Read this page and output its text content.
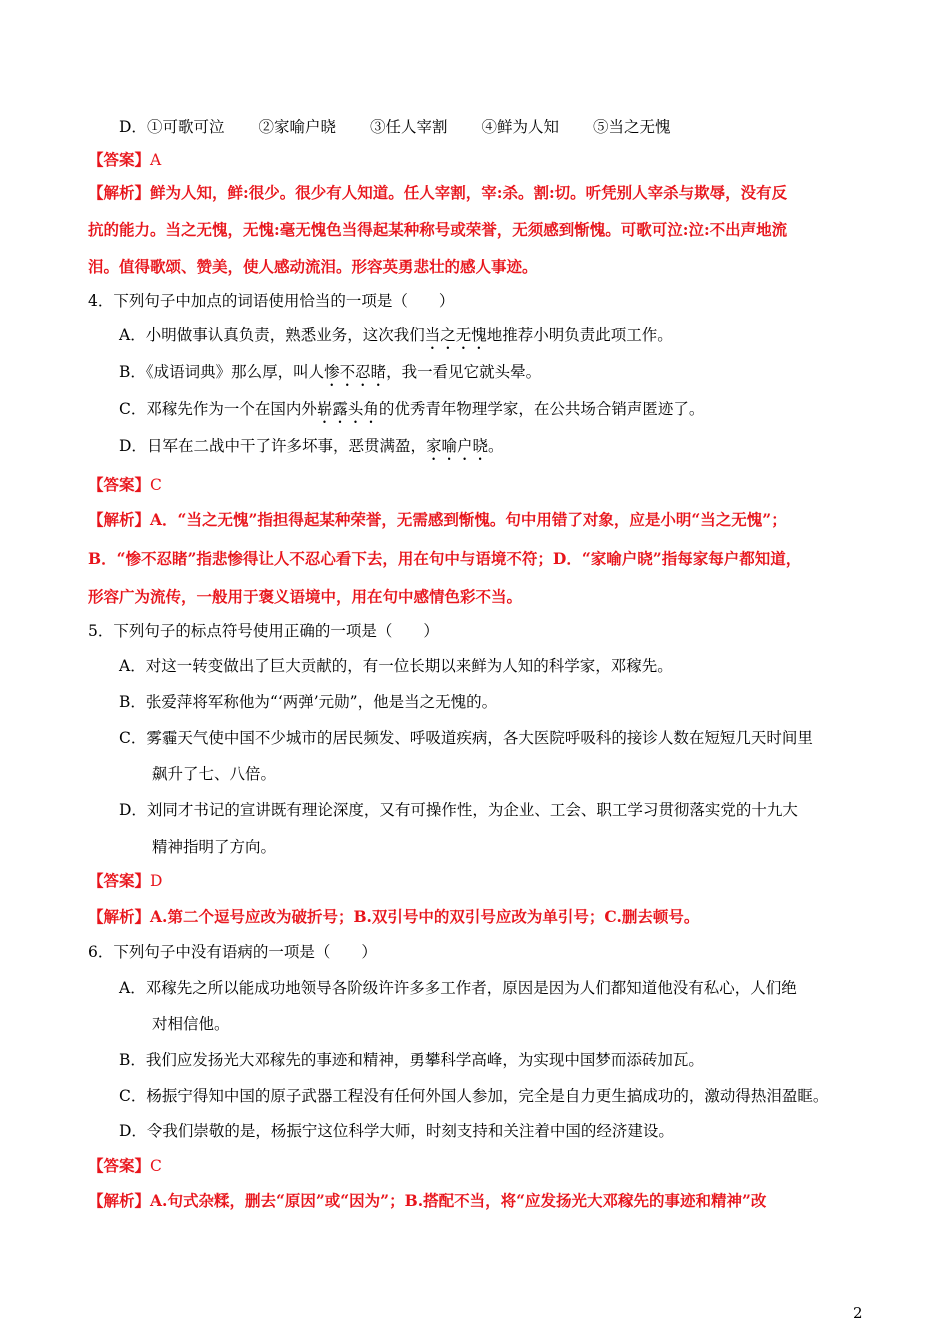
D．①可歌可泣 ②家喻户晓 ③任人宰割 ④鲜为人知 ⑤当之无愧
【答案】A
【解析】鲜为人知，鲜:很少。很少有人知道。任人宰割，宰:杀。割:切。听凭别人宰杀与欺辱，没有反
抗的能力。当之无愧，无愧:毫无愧色当得起某种称号或荣誉，无须感到惭愧。可歌可泣:泣:不出声地流
泪。值得歌颂、赞美，使人感动流泪。形容英勇悲壮的感人事迹。
4．下列句子中加点的词语使用恰当的一项是（　　）
A．小明做事认真负责，熟悉业务，这次我们当之无愧地推荐小明负责此项工作。
B．《成语词典》那么厚，叫人惨不忍睹，我一看见它就头晕。
C．邓稼先作为一个在国内外崭露头角的优秀青年物理学家，在公共场合销声匿迹了。
D．日军在二战中干了许多坏事，恶贯满盈，家喻户晓。
【答案】C
【解析】A．“当之无愧”指担得起某种荣誉，无需感到惭愧。句中用错了对象，应是小明“当之无愧”；
B．“惨不忍睹”指悲惨得让人不忍心看下去，用在句中与语境不符；D．“家喻户晓”指每家每户都知道，
形容广为流传，一般用于褒义语境中，用在句中感情色彩不当。
5．下列句子的标点符号使用正确的一项是（　　）
A．对这一转变做出了巨大贡献的，有一位长期以来鲜为人知的科学家，邓稼先。
B．张爱萍将军称他为“‘两弹’元勋”，他是当之无愧的。
C．雾霾天气使中国不少城市的居民频发、呼吸道疾病，各大医院呼吸科的接诊人数在短短几天时间里
飙升了七、八倍。
D．刘同才书记的宣讲既有理论深度，又有可操作性，为企业、工会、职工学习贯彻落实党的十九大
精神指明了方向。
【答案】D
【解析】A.第二个逗号应改为破折号；B.双引号中的双引号应改为单引号；C.删去顿号。
6．下列句子中没有语病的一项是（　　）
A．邓稼先之所以能成功地领导各阶级许许多多工作者，原因是因为人们都知道他没有私心，人们绝
对相信他。
B．我们应发扬光大邓稼先的事迹和精神，勇攀科学高峰，为实现中国梦而添砖加瓦。
C．杨振宁得知中国的原子武器工程没有任何外国人参加，完全是自力更生搞成功的，激动得热泪盈眶。
D．令我们崇敬的是，杨振宁这位科学大师，时刻支持和关注着中国的经济建设。
【答案】C
【解析】A.句式杂糅，删去“原因”或“因为”；B.搭配不当，将“应发扬光大邓稼先的事迹和精神”改
2
